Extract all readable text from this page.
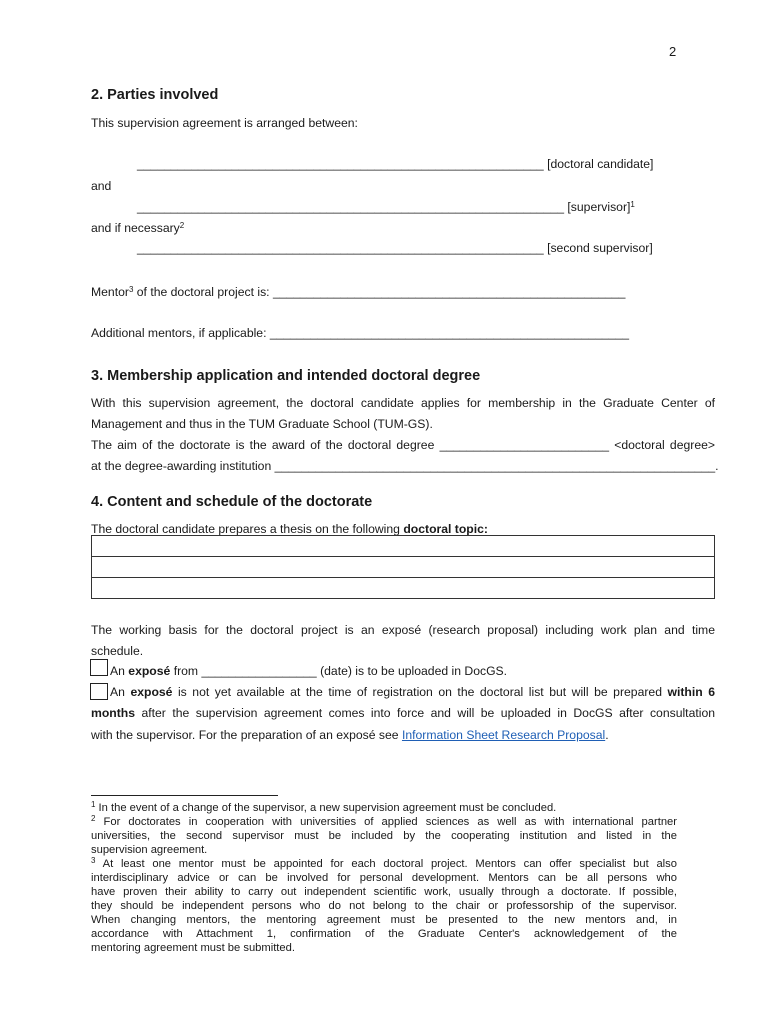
2
2. Parties involved
This supervision agreement is arranged between:
____________________________________________________________ [doctoral candidate]
and
_______________________________________________________________ [supervisor]$^1$
and if necessary$^2$
____________________________________________________________ [second supervisor]
Mentor$^3$ of the doctoral project is: ____________________________________________________
Additional mentors, if applicable: _____________________________________________________
3. Membership application and intended doctoral degree
With this supervision agreement, the doctoral candidate applies for membership in the Graduate Center of
Management and thus in the TUM Graduate School (TUM-GS).
The aim of the doctorate is the award of the doctoral degree _________________________ <doctoral degree>
at the degree-awarding institution _________________________________________________________________.
4. Content and schedule of the doctorate
The doctoral candidate prepares a thesis on the following doctoral topic:

The working basis for the doctoral project is an exposé (research proposal) including work plan and time
schedule.
An exposé from _________________ (date) is to be uploaded in DocGS.
An exposé is not yet available at the time of registration on the doctoral list but will be prepared within 6
months after the supervision agreement comes into force and will be uploaded in DocGS after consultation
with the supervisor. For the preparation of an exposé see Information Sheet Research Proposal.
$^1$ In the event of a change of the supervisor, a new supervision agreement must be concluded.
$^2$ For doctorates in cooperation with universities of applied sciences as well as with international partner
universities, the second supervisor must be included by the cooperating institution and listed in the
supervision agreement.
$^3$ At least one mentor must be appointed for each doctoral project. Mentors can offer specialist but also
interdisciplinary advice or can be involved for personal development. Mentors can be all persons who
have proven their ability to carry out independent scientific work, usually through a doctorate. If possible,
they should be independent persons who do not belong to the chair or professorship of the supervisor.
When changing mentors, the mentoring agreement must be presented to the new mentors and, in
accordance with Attachment 1, confirmation of the Graduate Center's acknowledgement of the
mentoring agreement must be submitted.
